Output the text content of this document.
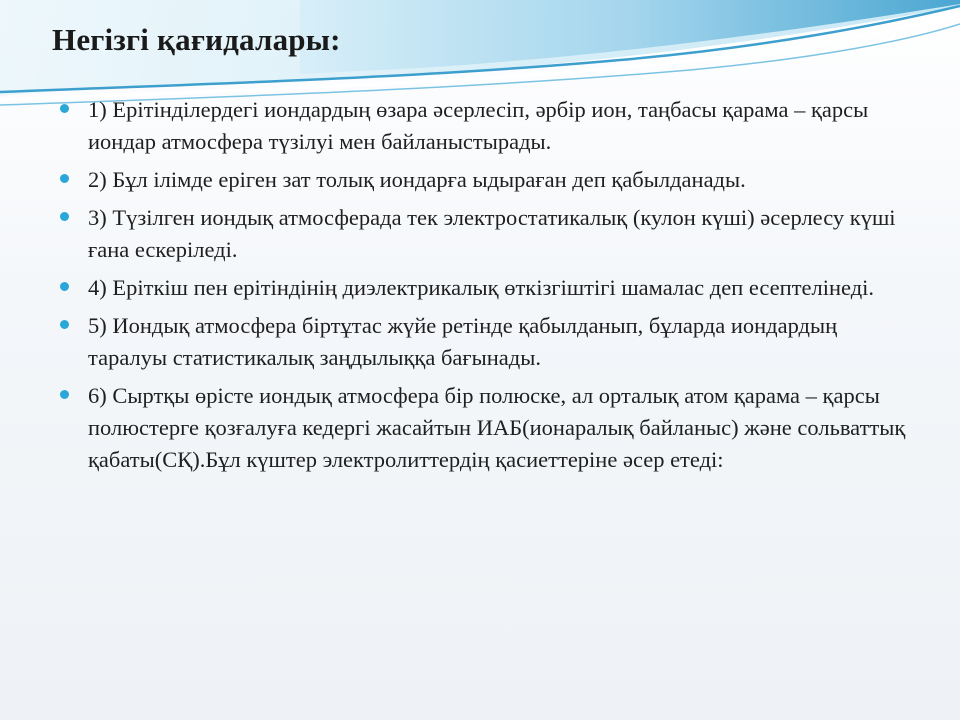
Негізгі қағидалары:
1) Ерітінділердегі иондардың өзара әсерлесіп, әрбір ион, таңбасы қарама – қарсы иондар атмосфера түзілуі мен байланыстырады.
2) Бұл ілімде еріген зат толық иондарға ыдыраған деп қабылданады.
3) Түзілген иондық атмосферада тек электростатикалық (кулон күші) әсерлесу күші ғана ескеріледі.
4) Еріткіш пен ерітіндінің диэлектрикалық өткізгіштігі шамалас деп есептелінеді.
5) Иондық атмосфера біртұтас жүйе ретінде қабылданып, бұларда иондардың таралуы статистикалық заңдылыққа бағынады.
6) Сыртқы өрісте иондық атмосфера бір полюске, ал орталық атом қарама – қарсы полюстерге қозғалуға кедергі жасайтын ИАБ(ионаралық байланыс) және сольваттық қабаты(СҚ).Бұл күштер электролиттердің қасиеттеріне әсер етеді:
